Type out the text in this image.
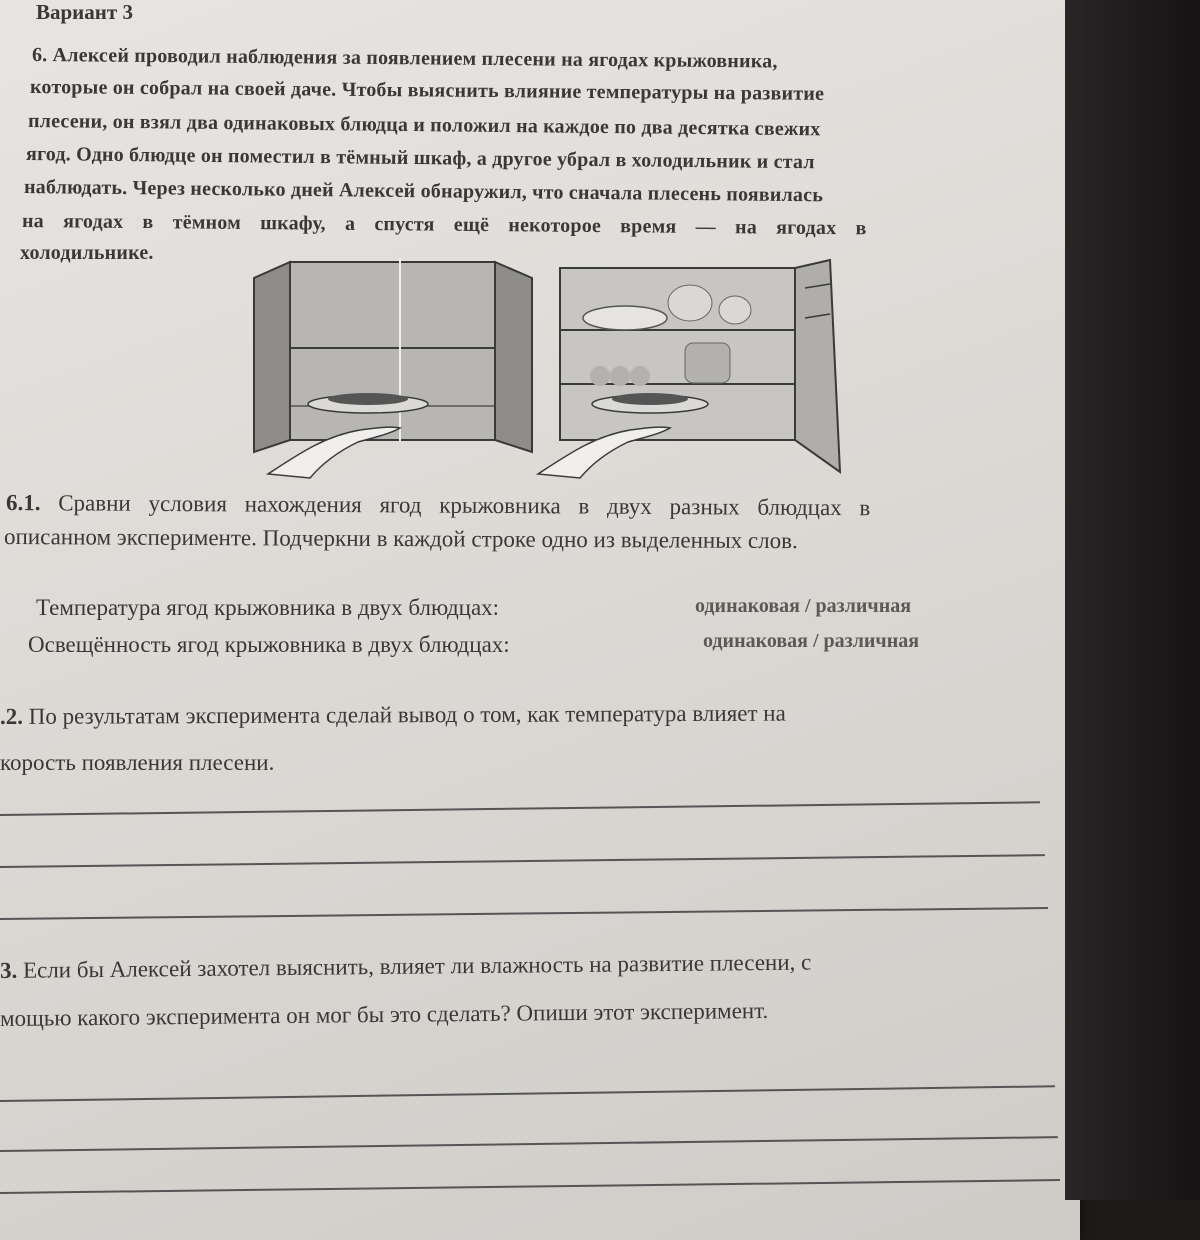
Вариант 3

6. Алексей проводил наблюдения за появлением плесени на ягодах крыжовника,

которые он собрал на своей даче. Чтобы выяснить влияние температуры на развитие

плесени, он взял два одинаковых блюдца и положил на каждое по два десятка свежих

ягод. Одно блюдце он поместил в тёмный шкаф, а другое убрал в холодильник и стал

наблюдать. Через несколько дней Алексей обнаружил, что сначала плесень появилась

на ягодах в тёмном шкафу, а спустя ещё некоторое время — на ягодах в

холодильнике.

6.1. Сравни условия нахождения ягод крыжовника в двух разных блюдцах в

описанном эксперименте. Подчеркни в каждой строке одно из выделенных слов.

Температура ягод крыжовника в двух блюдцах:	одинаковая / различная

Освещённость ягод крыжовника в двух блюдцах:	одинаковая / различная

.2. По результатам эксперимента сделай вывод о том, как температура влияет на

корость появления плесени.

3. Если бы Алексей захотел выяснить, влияет ли влажность на развитие плесени, с

мощью какого эксперимента он мог бы это сделать? Опиши этот эксперимент.
